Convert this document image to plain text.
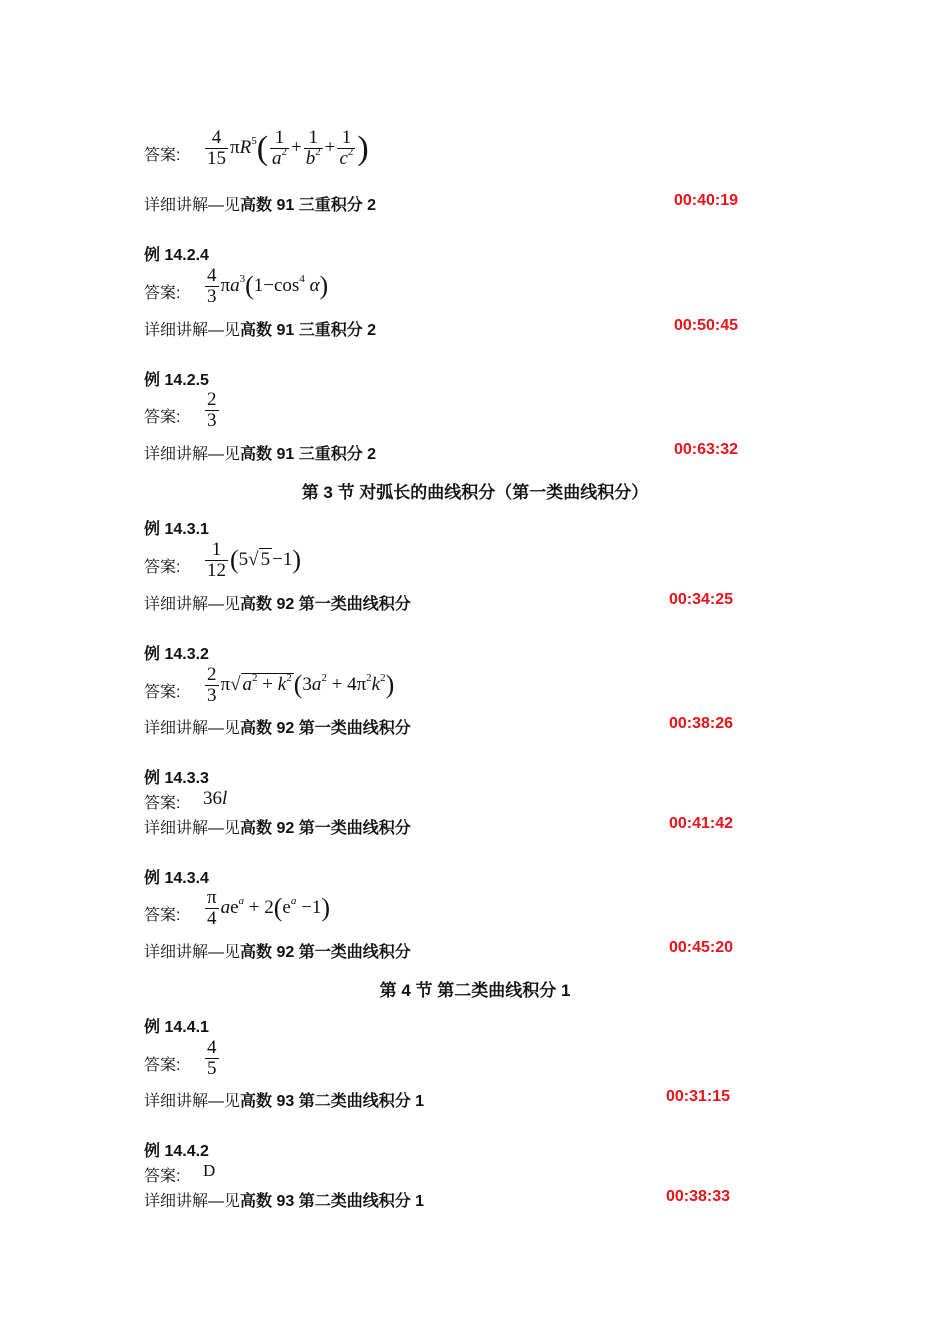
答案: $\frac{4}{15} \pi R^5( \frac{1}{a^2} + \frac{1}{b^2} + \frac{1}{c^2}$ )
详细讲解—见高数 91 三重积分 2	00:40:19
例 14.2.4
答案: $\frac{4}{3} \pi a^3(1-\cos^4$ α)
详细讲解—见高数 91 三重积分 2	00:50:45
例 14.2.5
答案: $\frac{2}{3}$
详细讲解—见高数 91 三重积分 2	00:63:32
第 3 节 对弧长的曲线积分（第一类曲线积分）
例 14.3.1
答案: $\frac{1}{12} (5√$ 5 −1)
详细讲解—见高数 92 第一类曲线积分	00:34:25
例 14.3.2
答案: $\frac{2}{3} \pi√$ $a^2 + k^2(3a^2 + 4\pi^2k^2)$
详细讲解—见高数 92 第一类曲线积分	00:38:26
例 14.3.3
答案: 36l
详细讲解—见高数 92 第一类曲线积分	00:41:42
例 14.3.4
答案: $\frac{\pi}{4} ae^a + 2(e^a -1)$
详细讲解—见高数 92 第一类曲线积分	00:45:20
第 4 节 第二类曲线积分 1
例 14.4.1
答案: $\frac{4}{5}$
详细讲解—见高数 93 第二类曲线积分 1	00:31:15
例 14.4.2
答案: D
详细讲解—见高数 93 第二类曲线积分 1	00:38:33
